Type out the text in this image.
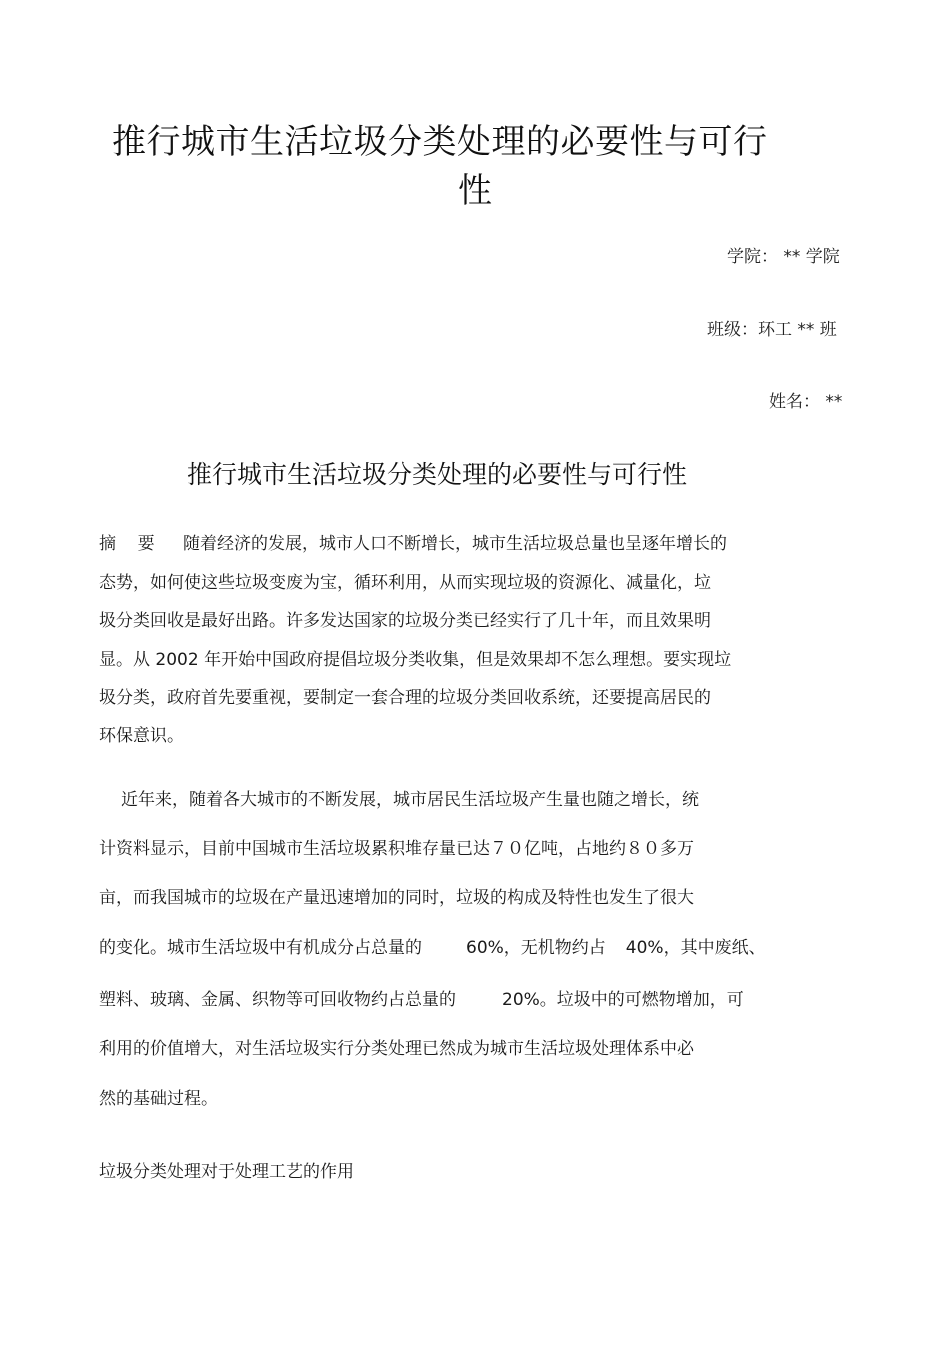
推行城市生活垃圾分类处理的必要性与可行
性
学院： ** 学院
班级：环工 ** 班
姓名： **
推行城市生活垃圾分类处理的必要性与可行性
摘    要 随着经济的发展，城市人口不断增长，城市生活垃圾总量也呈逐年增长的
态势，如何使这些垃圾变废为宝，循环利用，从而实现垃圾的资源化、减量化，垃
圾分类回收是最好出路。许多发达国家的垃圾分类已经实行了几十年，而且效果明
显。从 2002 年开始中国政府提倡垃圾分类收集，但是效果却不怎么理想。要实现垃
圾分类，政府首先要重视，要制定一套合理的垃圾分类回收系统，还要提高居民的
环保意识。
近年来，随着各大城市的不断发展，城市居民生活垃圾产生量也随之增长，统
计资料显示，目前中国城市生活垃圾累积堆存量已达７０亿吨，占地约８０多万
亩，而我国城市的垃圾在产量迅速增加的同时，垃圾的构成及特性也发生了很大
的变化。城市生活垃圾中有机成分占总量的	60%，无机物约占 40%，其中废纸、
塑料、玻璃、金属、织物等可回收物约占总量的	20%。垃圾中的可燃物增加，可
利用的价值增大，对生活垃圾实行分类处理已然成为城市生活垃圾处理体系中必
然的基础过程。
垃圾分类处理对于处理工艺的作用
